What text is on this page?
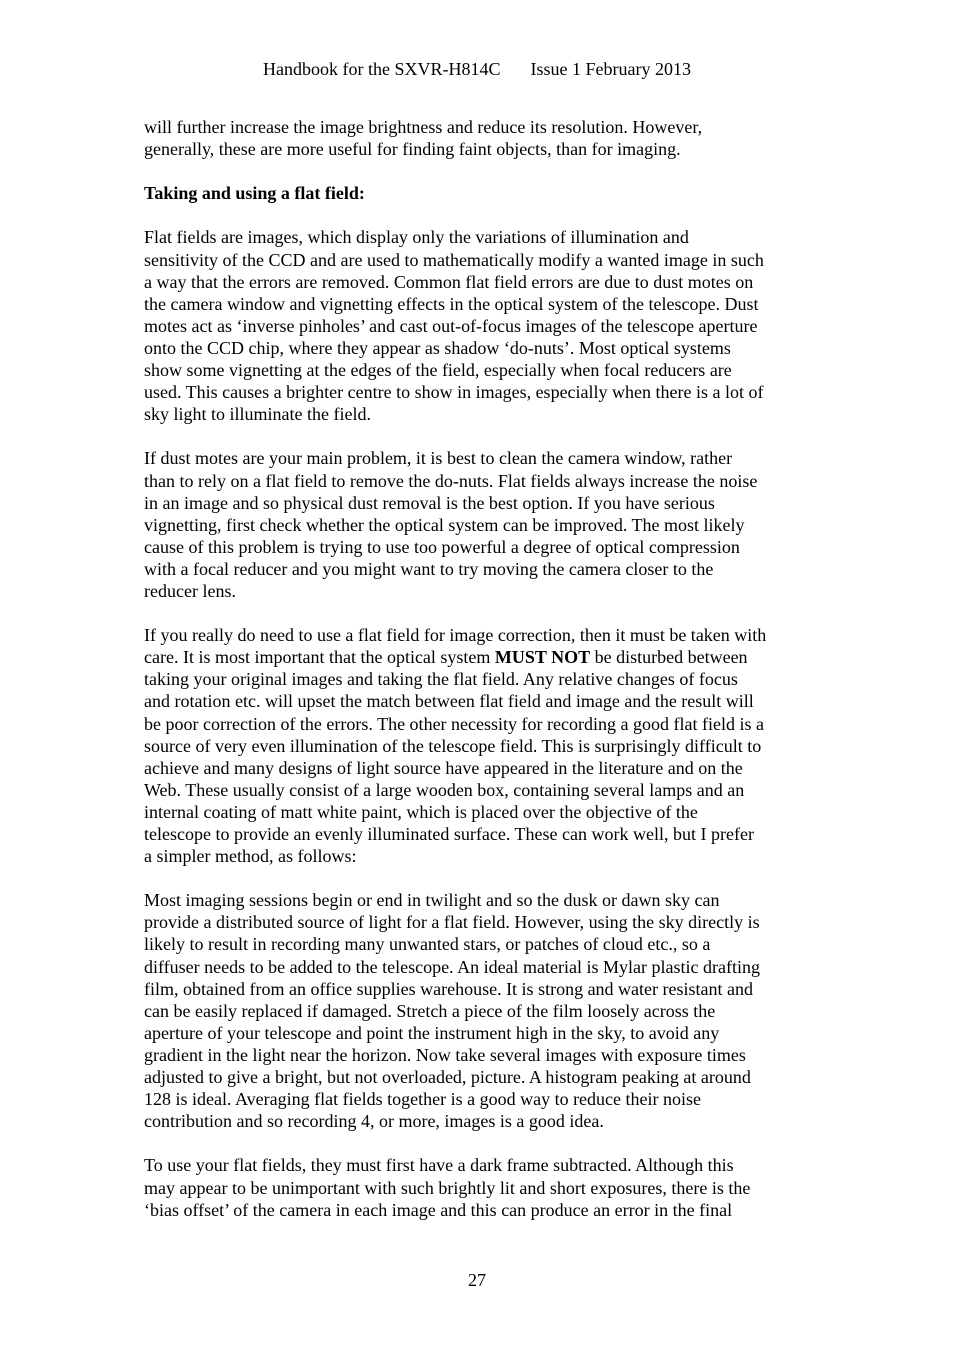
Handbook for the SXVR-H814C Issue 1 February 2013

will further increase the image brightness and reduce its resolution. However,
generally, these are more useful for finding faint objects, than for imaging.

Taking and using a flat field:

Flat fields are images, which display only the variations of illumination and
sensitivity of the CCD and are used to mathematically modify a wanted image in such
a way that the errors are removed. Common flat field errors are due to dust motes on
the camera window and vignetting effects in the optical system of the telescope. Dust
motes act as ‘inverse pinholes’ and cast out-of-focus images of the telescope aperture
onto the CCD chip, where they appear as shadow ‘do-nuts’. Most optical systems
show some vignetting at the edges of the field, especially when focal reducers are
used. This causes a brighter centre to show in images, especially when there is a lot of
sky light to illuminate the field.

If dust motes are your main problem, it is best to clean the camera window, rather
than to rely on a flat field to remove the do-nuts. Flat fields always increase the noise
in an image and so physical dust removal is the best option. If you have serious
vignetting, first check whether the optical system can be improved. The most likely
cause of this problem is trying to use too powerful a degree of optical compression
with a focal reducer and you might want to try moving the camera closer to the
reducer lens.

If you really do need to use a flat field for image correction, then it must be taken with
care. It is most important that the optical system MUST NOT be disturbed between
taking your original images and taking the flat field. Any relative changes of focus
and rotation etc. will upset the match between flat field and image and the result will
be poor correction of the errors. The other necessity for recording a good flat field is a
source of very even illumination of the telescope field. This is surprisingly difficult to
achieve and many designs of light source have appeared in the literature and on the
Web. These usually consist of a large wooden box, containing several lamps and an
internal coating of matt white paint, which is placed over the objective of the
telescope to provide an evenly illuminated surface. These can work well, but I prefer
a simpler method, as follows:

Most imaging sessions begin or end in twilight and so the dusk or dawn sky can
provide a distributed source of light for a flat field. However, using the sky directly is
likely to result in recording many unwanted stars, or patches of cloud etc., so a
diffuser needs to be added to the telescope. An ideal material is Mylar plastic drafting
film, obtained from an office supplies warehouse. It is strong and water resistant and
can be easily replaced if damaged. Stretch a piece of the film loosely across the
aperture of your telescope and point the instrument high in the sky, to avoid any
gradient in the light near the horizon. Now take several images with exposure times
adjusted to give a bright, but not overloaded, picture. A histogram peaking at around
128 is ideal. Averaging flat fields together is a good way to reduce their noise
contribution and so recording 4, or more, images is a good idea.

To use your flat fields, they must first have a dark frame subtracted. Although this
may appear to be unimportant with such brightly lit and short exposures, there is the
‘bias offset’ of the camera in each image and this can produce an error in the final

27
